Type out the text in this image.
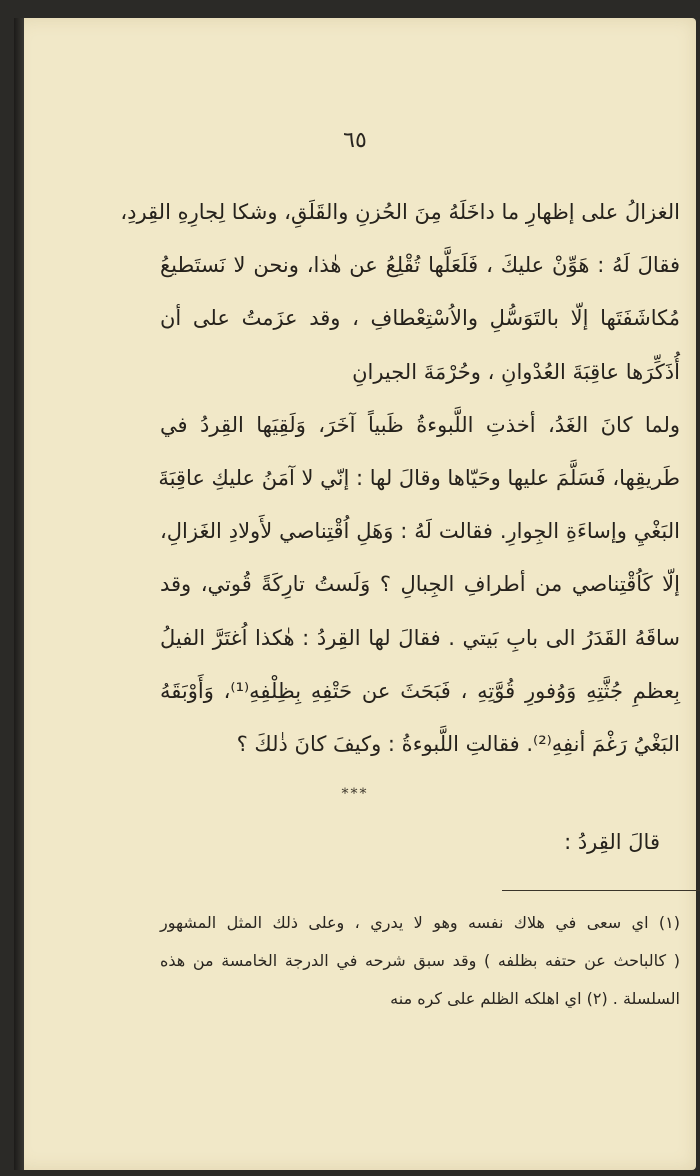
٦٥
الغزالُ على إظهارِ ما داخَلَهُ مِنَ الحُزنِ والقَلَقِ، وشكا لِجارِهِ القِردِ،
فقالَ لَهُ : هَوِّنْ عليكَ ، فَلَعَلَّها تُقْلِعُ عن هٰذا، ونحن لا نَستَطيعُ
مُكاشَفَتَها إلّا بالتَوَسُّلِ والاُسْتِعْطافِ ، وقد عزَمتُ على أن
أُذَكِّرَها عاقِبَةَ العُدْوانِ ، وحُرْمَةَ الجيرانِ
ولما كانَ الغَدُ، أخذتِ اللَّبوءةُ ظَبياً آخَرَ، وَلَقِيَها القِردُ في
طَريقِها، فَسَلَّمَ عليها وحَيّاها وقالَ لها : إنّي لا آمَنُ عليكِ عاقِبَةَ
البَغْيِ وإساءَةِ الجِوارِ. فقالت لَهُ : وَهَلِ اُقْتِناصي لأَولادِ الغَزالِ،
إلّا كَاُقْتِناصي من أطرافِ الجِبالِ ؟ وَلَستُ تارِكَةً قُوتي، وقد
ساقَهُ القَدَرُ الى بابِ بَيتي . فقالَ لها القِردُ : هٰكذا اُغتَرَّ الفيلُ
بِعظمِ جُثَّتِهِ وَوُفورِ قُوَّتِهِ ، فَبَحَثَ عن حَتْفِهِ بِظِلْفِهِ⁽¹⁾، وَأَوْبَقَهُ
البَغْيُ رَغْمَ أنفِهِ⁽²⁾. فقالتِ اللَّبوءةُ : وكيفَ كانَ ذٰلكَ ؟
***
قالَ القِردُ :
(١) اي سعى في هلاك نفسه وهو لا يدري ، وعلى ذلك المثل المشهور
( كالباحث عن حتفه بظلفه ) وقد سبق شرحه في الدرجة الخامسة من هذه
السلسلة . (٢) اي اهلكه الظلم على كره منه
